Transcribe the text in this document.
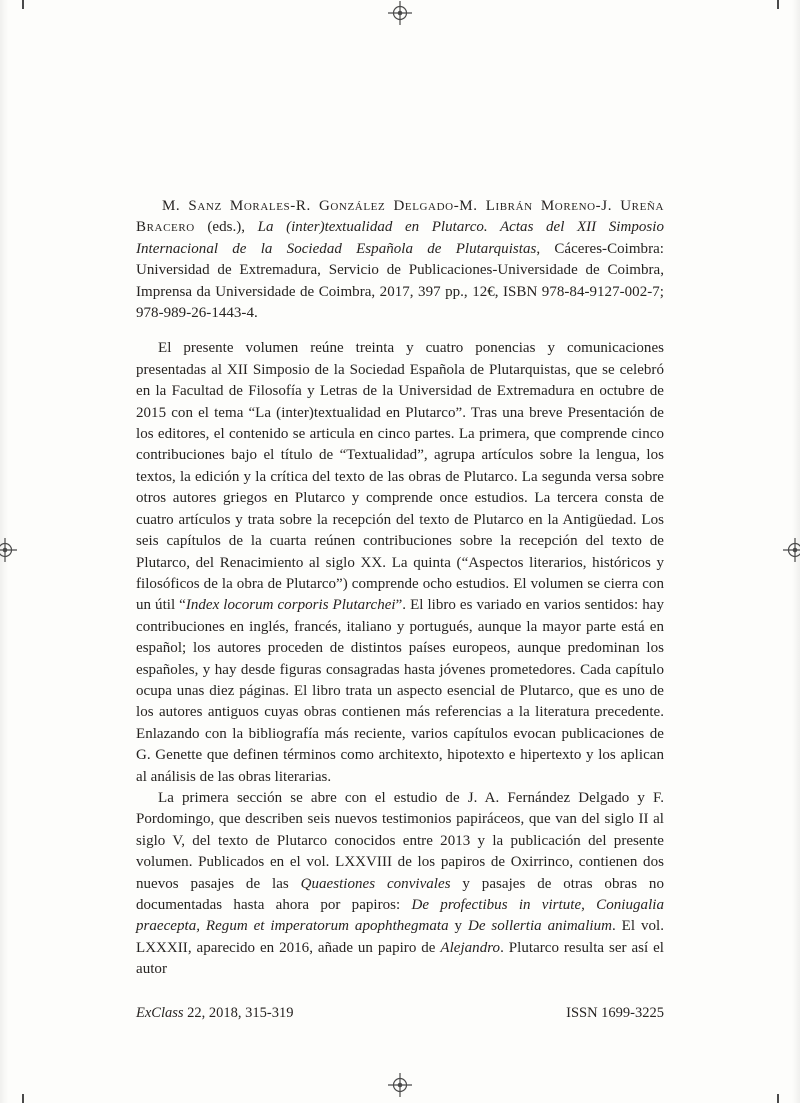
M. Sanz Morales-R. González Delgado-M. Librán Moreno-J. Ureña Bracero (eds.), La (inter)textualidad en Plutarco. Actas del XII Simposio Internacional de la Sociedad Española de Plutarquistas, Cáceres-Coimbra: Universidad de Extremadura, Servicio de Publicaciones-Universidade de Coimbra, Imprensa da Universidade de Coimbra, 2017, 397 pp., 12€, ISBN 978-84-9127-002-7; 978-989-26-1443-4.

El presente volumen reúne treinta y cuatro ponencias y comunicaciones presentadas al XII Simposio de la Sociedad Española de Plutarquistas, que se celebró en la Facultad de Filosofía y Letras de la Universidad de Extremadura en octubre de 2015 con el tema “La (inter)textualidad en Plutarco”. Tras una breve Presentación de los editores, el contenido se articula en cinco partes. La primera, que comprende cinco contribuciones bajo el título de “Textualidad”, agrupa artículos sobre la lengua, los textos, la edición y la crítica del texto de las obras de Plutarco. La segunda versa sobre otros autores griegos en Plutarco y comprende once estudios. La tercera consta de cuatro artículos y trata sobre la recepción del texto de Plutarco en la Antigüedad. Los seis capítulos de la cuarta reúnen contribuciones sobre la recepción del texto de Plutarco, del Renacimiento al siglo XX. La quinta (“Aspectos literarios, históricos y filosóficos de la obra de Plutarco”) comprende ocho estudios. El volumen se cierra con un útil “Index locorum corporis Plutarchei”. El libro es variado en varios sentidos: hay contribuciones en inglés, francés, italiano y portugués, aunque la mayor parte está en español; los autores proceden de distintos países europeos, aunque predominan los españoles, y hay desde figuras consagradas hasta jóvenes prometedores. Cada capítulo ocupa unas diez páginas. El libro trata un aspecto esencial de Plutarco, que es uno de los autores antiguos cuyas obras contienen más referencias a la literatura precedente. Enlazando con la bibliografía más reciente, varios capítulos evocan publicaciones de G. Genette que definen términos como architexto, hipotexto e hipertexto y los aplican al análisis de las obras literarias.

La primera sección se abre con el estudio de J. A. Fernández Delgado y F. Pordomingo, que describen seis nuevos testimonios papiráceos, que van del siglo II al siglo V, del texto de Plutarco conocidos entre 2013 y la publicación del presente volumen. Publicados en el vol. LXXVIII de los papiros de Oxirrinco, contienen dos nuevos pasajes de las Quaestiones convivales y pasajes de otras obras no documentadas hasta ahora por papiros: De profectibus in virtute, Coniugalia praecepta, Regum et imperatorum apophthegmata y De sollertia animalium. El vol. LXXXII, aparecido en 2016, añade un papiro de Alejandro. Plutarco resulta ser así el autor

ExClass 22, 2018, 315-319	ISSN 1699-3225
